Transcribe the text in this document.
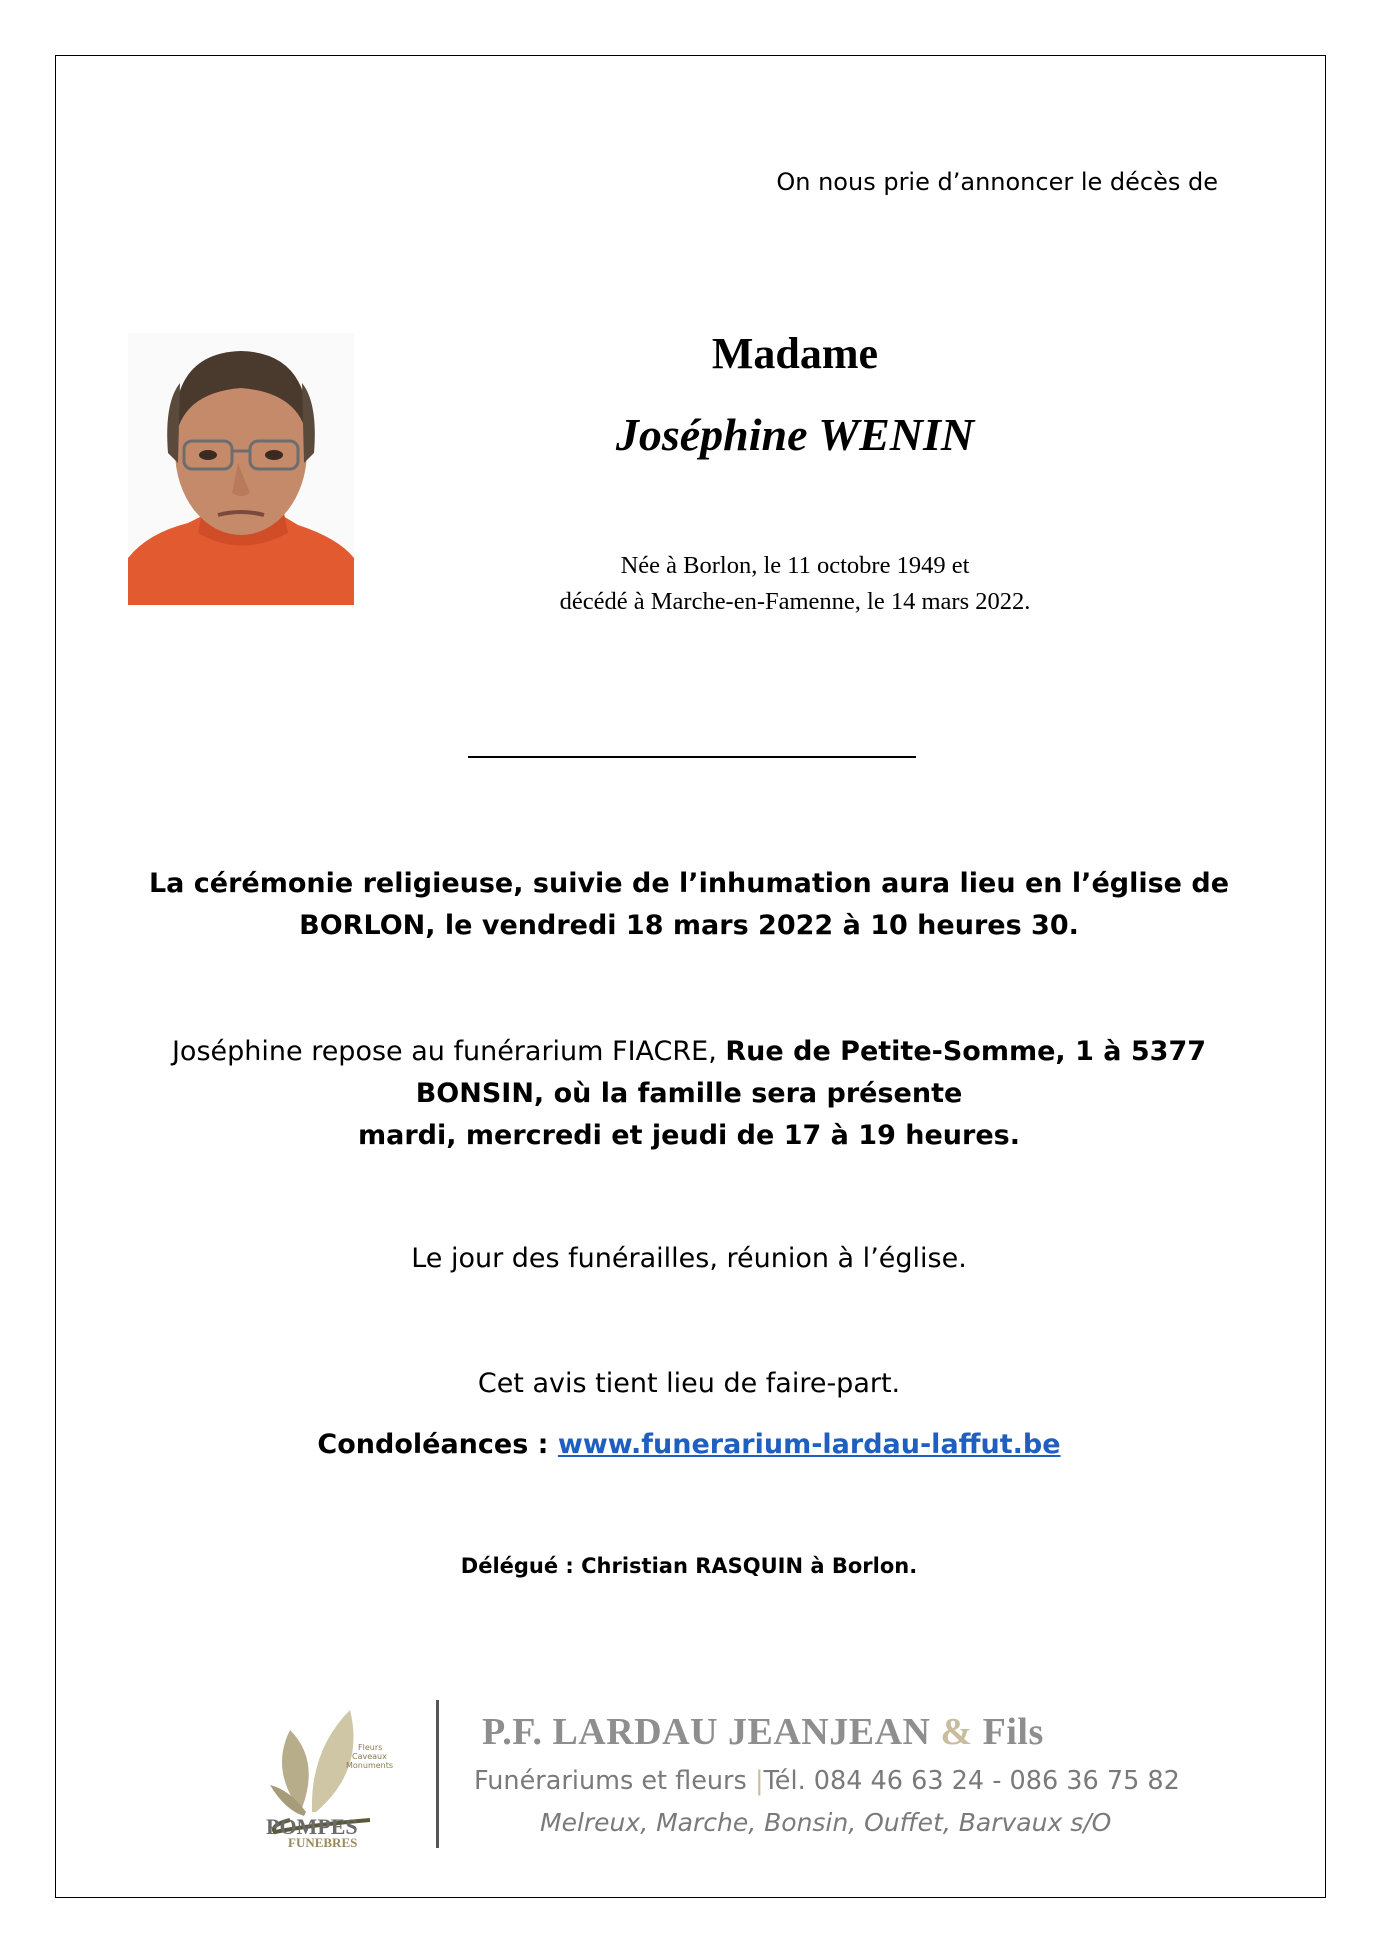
On nous prie d’annoncer le décès de
Madame
Joséphine WENIN
Née à Borlon, le 11 octobre 1949 et
décédé à Marche-en-Famenne, le 14 mars 2022.
La cérémonie religieuse, suivie de l’inhumation aura lieu en l’église de
BORLON, le vendredi 18 mars 2022 à 10 heures 30.
Joséphine repose au funérarium FIACRE, Rue de Petite-Somme, 1 à 5377
BONSIN, où la famille sera présente
mardi, mercredi et jeudi de 17 à 19 heures.
Le jour des funérailles, réunion à l’église.
Cet avis tient lieu de faire-part.
Condoléances : www.funerarium-lardau-laffut.be
Délégué : Christian RASQUIN à Borlon.
Fleurs
Caveaux
Monuments
POMPES
FUNEBRES
P.F. LARDAU JEANJEAN & Fils
Funérariums et fleurs |Tél. 084 46 63 24 - 086 36 75 82
Melreux, Marche, Bonsin, Ouffet, Barvaux s/O
